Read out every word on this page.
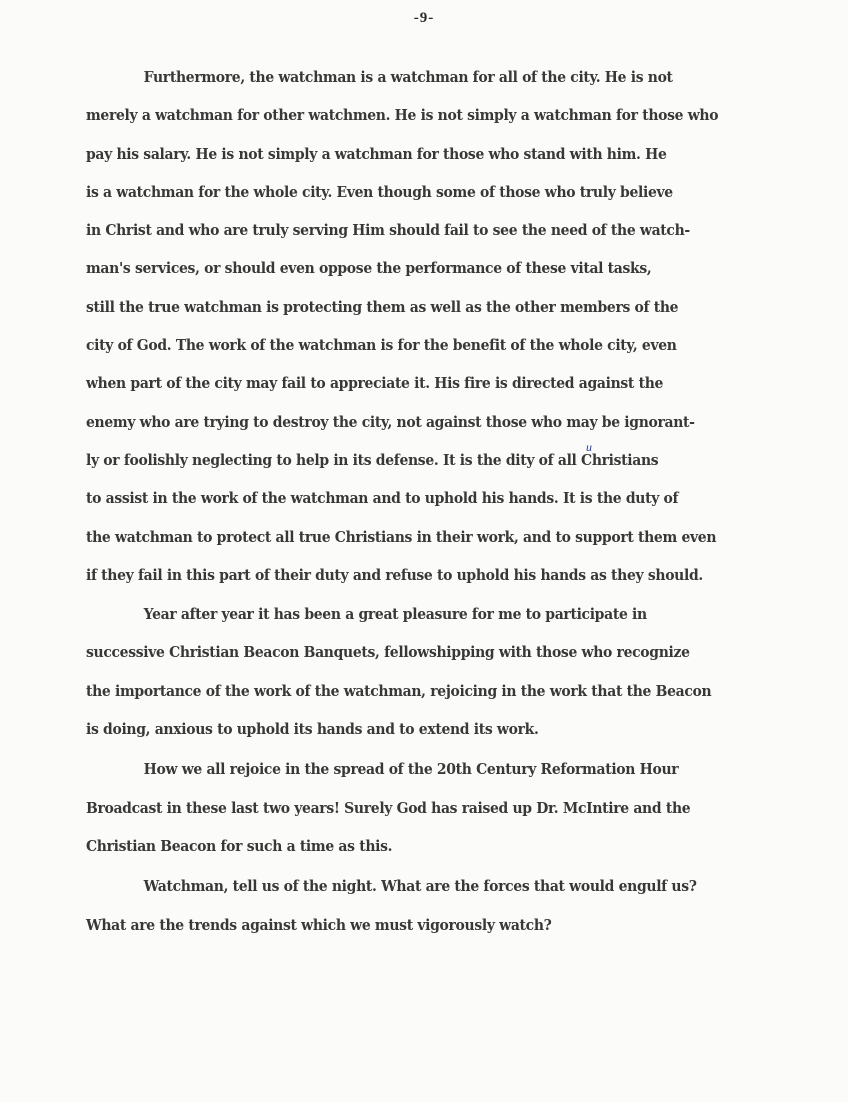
-9-
u
Furthermore, the watchman is a watchman for all of the city. He is not
merely a watchman for other watchmen. He is not simply a watchman for those who
pay his salary. He is not simply a watchman for those who stand with him. He
is a watchman for the whole city. Even though some of those who truly believe
in Christ and who are truly serving Him should fail to see the need of the watch-
man's services, or should even oppose the performance of these vital tasks,
still the true watchman is protecting them as well as the other members of the
city of God. The work of the watchman is for the benefit of the whole city, even
when part of the city may fail to appreciate it. His fire is directed against the
enemy who are trying to destroy the city, not against those who may be ignorant-
ly or foolishly neglecting to help in its defense. It is the dity of all Christians
to assist in the work of the watchman and to uphold his hands. It is the duty of
the watchman to protect all true Christians in their work, and to support them even
if they fail in this part of their duty and refuse to uphold his hands as they should.
Year after year it has been a great pleasure for me to participate in
successive Christian Beacon Banquets, fellowshipping with those who recognize
the importance of the work of the watchman, rejoicing in the work that the Beacon
is doing, anxious to uphold its hands and to extend its work.
How we all rejoice in the spread of the 20th Century Reformation Hour
Broadcast in these last two years! Surely God has raised up Dr. McIntire and the
Christian Beacon for such a time as this.
Watchman, tell us of the night. What are the forces that would engulf us?
What are the trends against which we must vigorously watch?
